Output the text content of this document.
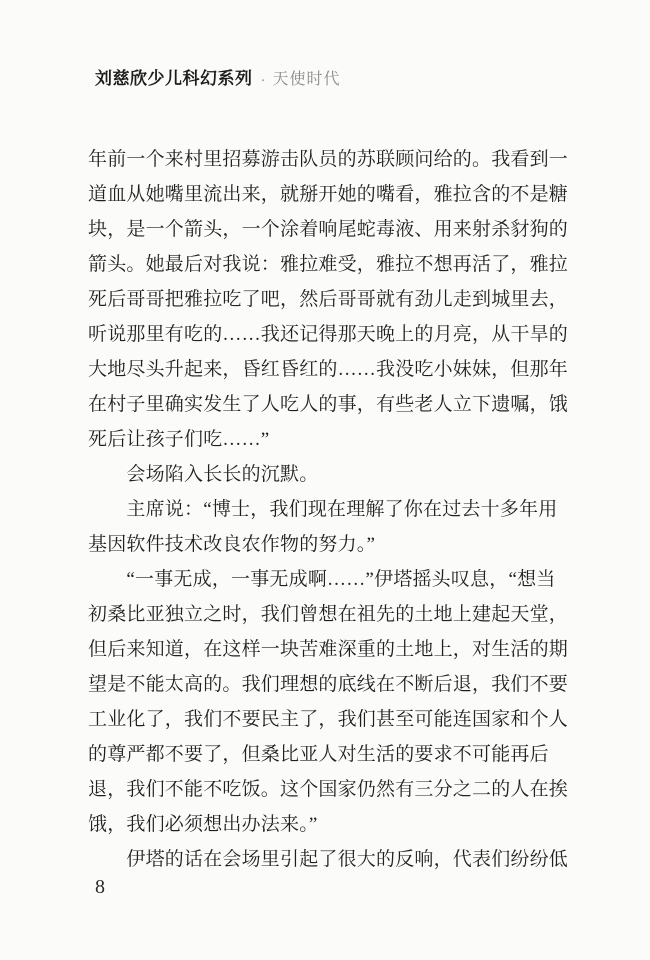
刘慈欣少儿科幻系列 · 天使时代
年前一个来村里招募游击队员的苏联顾问给的。我看到一
道血从她嘴里流出来，就掰开她的嘴看，雅拉含的不是糖
块，是一个箭头，一个涂着响尾蛇毒液、用来射杀豺狗的
箭头。她最后对我说：雅拉难受，雅拉不想再活了，雅拉
死后哥哥把雅拉吃了吧，然后哥哥就有劲儿走到城里去，
听说那里有吃的……我还记得那天晚上的月亮，从干旱的
大地尽头升起来，昏红昏红的……我没吃小妹妹，但那年
在村子里确实发生了人吃人的事，有些老人立下遗嘱，饿
死后让孩子们吃……”
　　会场陷入长长的沉默。
　　主席说：“博士，我们现在理解了你在过去十多年用
基因软件技术改良农作物的努力。”
　　“一事无成，一事无成啊……”伊塔摇头叹息，“想当
初桑比亚独立之时，我们曾想在祖先的土地上建起天堂，
但后来知道，在这样一块苦难深重的土地上，对生活的期
望是不能太高的。我们理想的底线在不断后退，我们不要
工业化了，我们不要民主了，我们甚至可能连国家和个人
的尊严都不要了，但桑比亚人对生活的要求不可能再后
退，我们不能不吃饭。这个国家仍然有三分之二的人在挨
饿，我们必须想出办法来。”
　　伊塔的话在会场里引起了很大的反响，代表们纷纷低
8
